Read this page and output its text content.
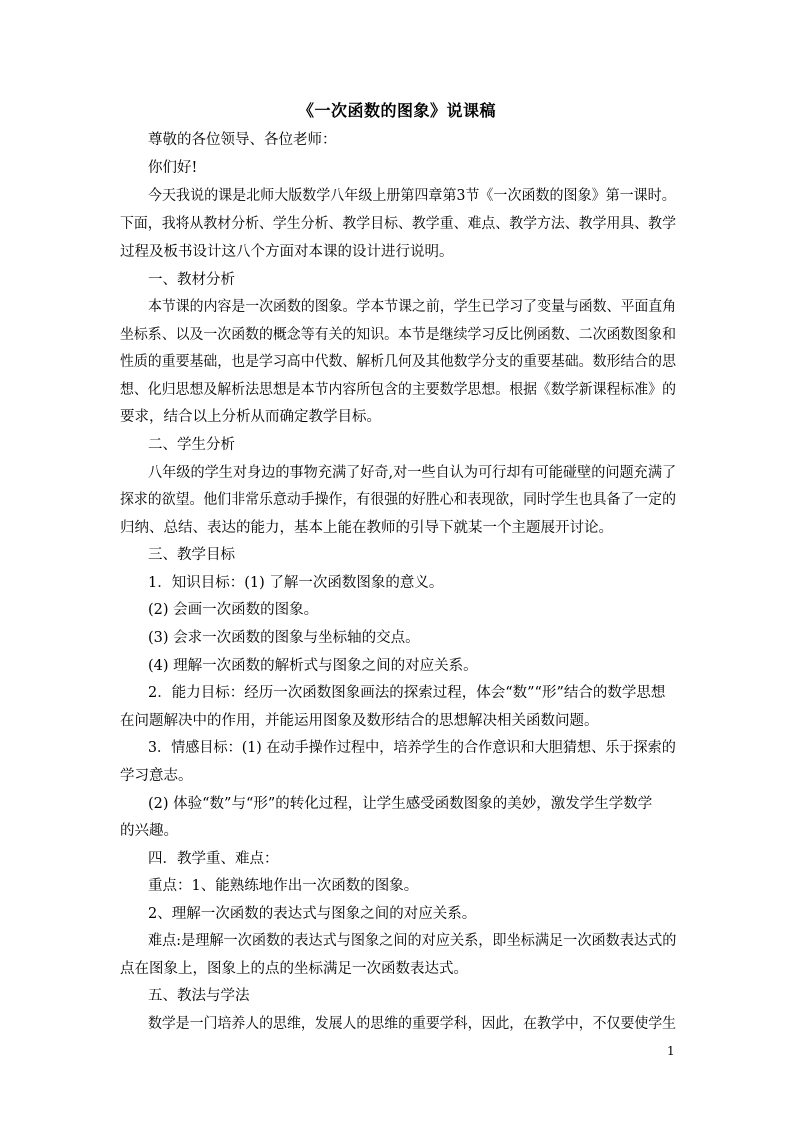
《一次函数的图象》说课稿
尊敬的各位领导、各位老师：
你们好!
今天我说的课是北师大版数学八年级上册第四章第3节《一次函数的图象》第一课时。
下面，我将从教材分析、学生分析、教学目标、教学重、难点、教学方法、教学用具、教学
过程及板书设计这八个方面对本课的设计进行说明。
一、教材分析
本节课的内容是一次函数的图象。学本节课之前，学生已学习了变量与函数、平面直角
坐标系、以及一次函数的概念等有关的知识。本节是继续学习反比例函数、二次函数图象和
性质的重要基础，也是学习高中代数、解析几何及其他数学分支的重要基础。数形结合的思
想、化归思想及解析法思想是本节内容所包含的主要数学思想。根据《数学新课程标准》的
要求，结合以上分析从而确定教学目标。
二、学生分析
八年级的学生对身边的事物充满了好奇,对一些自认为可行却有可能碰壁的问题充满了
探求的欲望。他们非常乐意动手操作，有很强的好胜心和表现欲，同时学生也具备了一定的
归纳、总结、表达的能力，基本上能在教师的引导下就某一个主题展开讨论。
三、教学目标
1．知识目标：(1) 了解一次函数图象的意义。
(2) 会画一次函数的图象。
(3) 会求一次函数的图象与坐标轴的交点。
(4) 理解一次函数的解析式与图象之间的对应关系。
2．能力目标：经历一次函数图象画法的探索过程，体会“数”“形”结合的数学思想
在问题解决中的作用，并能运用图象及数形结合的思想解决相关函数问题。
3．情感目标：(1) 在动手操作过程中，培养学生的合作意识和大胆猜想、乐于探索的
学习意志。
(2) 体验“数”与“形”的转化过程，让学生感受函数图象的美妙，激发学生学数学
的兴趣。
四．教学重、难点：
重点：1、能熟练地作出一次函数的图象。
2、理解一次函数的表达式与图象之间的对应关系。
难点:是理解一次函数的表达式与图象之间的对应关系，即坐标满足一次函数表达式的
点在图象上，图象上的点的坐标满足一次函数表达式。
五、教法与学法
数学是一门培养人的思维，发展人的思维的重要学科，因此，在教学中，不仅要使学生
1
